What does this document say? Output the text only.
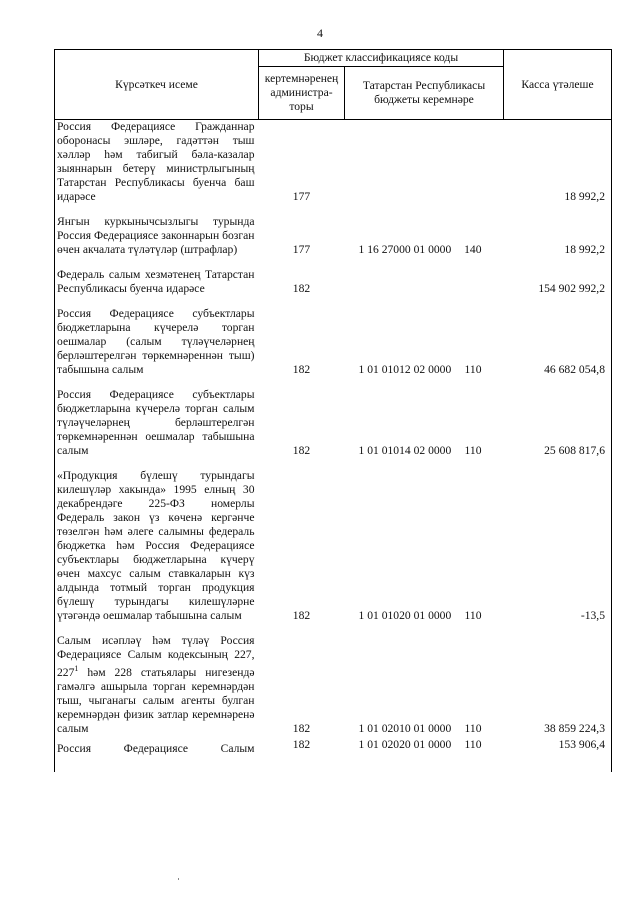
4
Күрсәткеч исеме	Бюджет классификациясе коды		Касса үтәлеше
	кертемнәренең администра-торы	Татарстан Республикасы бюджеты керемнәре	
Россия Федерациясе Гражданнар оборонасы эшләре, гадәттән тыш хәлләр һәм табигый бәла-казалар зыяннарын бетерү министрлыгының Татарстан Республикасы буенча баш идарәсе	177		18 992,2
Янгын куркынычсызлыгы турында Россия Федерациясе законнарын бозган өчен акчалата түләтүләр (штрафлар)	177	1 16 27000 01 0000 140	18 992,2
Федераль салым хезмәтенең Татарстан Республикасы буенча идарәсе	182		154 902 992,2
Россия Федерациясе субъектлары бюджетларына күчерелә торган оешмалар (салым түләүчеләрнең берләштерелгән төркемнәреннән тыш) табышына салым	182	1 01 01012 02 0000 110	46 682 054,8
Россия Федерациясе субъектлары бюджетларына күчерелә торган салым түләүчеләрнең берләштерелгән төркемнәреннән оешмалар табышына салым	182	1 01 01014 02 0000 110	25 608 817,6
«Продукция бүлешү турындагы килешүләр хакында» 1995 елның 30 декабрендәге 225-ФЗ номерлы Федераль закон үз көченә кергәнче төзелгән һәм әлеге салымны федераль бюджетка һәм Россия Федерациясе субъектлары бюджетларына күчерү өчен махсус салым ставкаларын күз алдында тотмый торган продукция бүлешү турындагы килешүләрне үтәгәндә оешмалар табышына салым	182	1 01 01020 01 0000 110	-13,5
Салым исәпләү һәм түләү Россия Федерациясе Салым кодексының 227, $227^1$ һәм 228 статьялары нигезендә гамәлгә ашырыла торган керемнәрдән тыш, чыганагы салым агенты булган керемнәрдән физик затлар керемнәренә салым	182	1 01 02010 01 0000 110	38 859 224,3
Россия Федерациясе Салым	182	1 01 02020 01 0000 110	153 906,4
